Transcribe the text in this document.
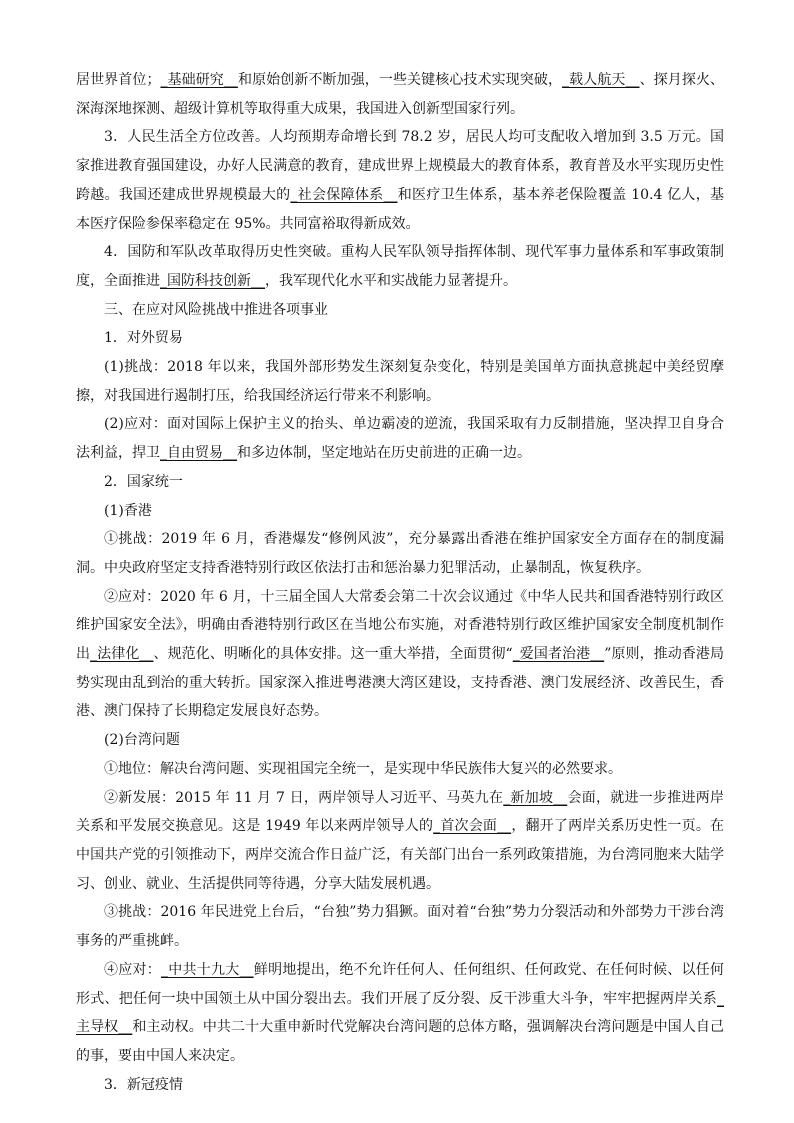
居世界首位；_基础研究__和原始创新不断加强，一些关键核心技术实现突破，_载人航天__、探月探火、深海深地探测、超级计算机等取得重大成果，我国进入创新型国家行列。

3．人民生活全方位改善。人均预期寿命增长到 78.2 岁，居民人均可支配收入增加到 3.5 万元。国家推进教育强国建设，办好人民满意的教育，建成世界上规模最大的教育体系，教育普及水平实现历史性跨越。我国还建成世界规模最大的_社会保障体系__和医疗卫生体系，基本养老保险覆盖 10.4 亿人，基本医疗保险参保率稳定在 95%。共同富裕取得新成效。

4．国防和军队改革取得历史性突破。重构人民军队领导指挥体制、现代军事力量体系和军事政策制度，全面推进_国防科技创新__，我军现代化水平和实战能力显著提升。

三、在应对风险挑战中推进各项事业

1．对外贸易

(1)挑战：2018 年以来，我国外部形势发生深刻复杂变化，特别是美国单方面执意挑起中美经贸摩擦，对我国进行遏制打压，给我国经济运行带来不利影响。

(2)应对：面对国际上保护主义的抬头、单边霸凌的逆流，我国采取有力反制措施，坚决捍卫自身合法利益，捍卫_自由贸易__和多边体制，坚定地站在历史前进的正确一边。

2．国家统一

(1)香港

①挑战：2019 年 6 月，香港爆发“修例风波”，充分暴露出香港在维护国家安全方面存在的制度漏洞。中央政府坚定支持香港特别行政区依法打击和惩治暴力犯罪活动，止暴制乱，恢复秩序。

②应对：2020 年 6 月，十三届全国人大常委会第二十次会议通过《中华人民共和国香港特别行政区维护国家安全法》，明确由香港特别行政区在当地公布实施，对香港特别行政区维护国家安全制度机制作出_法律化__、规范化、明晰化的具体安排。这一重大举措，全面贯彻“_爱国者治港__”原则，推动香港局势实现由乱到治的重大转折。国家深入推进粤港澳大湾区建设，支持香港、澳门发展经济、改善民生，香港、澳门保持了长期稳定发展良好态势。

(2)台湾问题

①地位：解决台湾问题、实现祖国完全统一，是实现中华民族伟大复兴的必然要求。

②新发展：2015 年 11 月 7 日，两岸领导人习近平、马英九在_新加坡__会面，就进一步推进两岸关系和平发展交换意见。这是 1949 年以来两岸领导人的_首次会面__，翻开了两岸关系历史性一页。在中国共产党的引领推动下，两岸交流合作日益广泛，有关部门出台一系列政策措施，为台湾同胞来大陆学习、创业、就业、生活提供同等待遇，分享大陆发展机遇。

③挑战：2016 年民进党上台后，“台独”势力猖獗。面对着“台独”势力分裂活动和外部势力干涉台湾事务的严重挑衅。

④应对：_中共十九大__鲜明地提出，绝不允许任何人、任何组织、任何政党、在任何时候、以任何形式、把任何一块中国领土从中国分裂出去。我们开展了反分裂、反干涉重大斗争，牢牢把握两岸关系_主导权__和主动权。中共二十大重申新时代党解决台湾问题的总体方略，强调解决台湾问题是中国人自己的事，要由中国人来决定。

3．新冠疫情
